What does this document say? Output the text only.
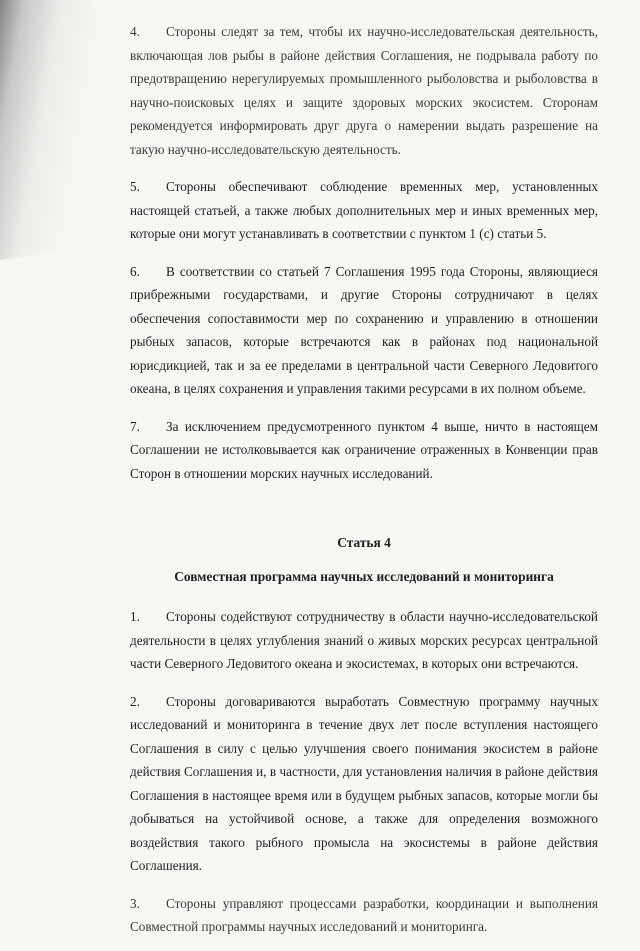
4. Стороны следят за тем, чтобы их научно-исследовательская деятельность, включающая лов рыбы в районе действия Соглашения, не подрывала работу по предотвращению нерегулируемых промышленного рыболовства и рыболовства в научно-поисковых целях и защите здоровых морских экосистем. Сторонам рекомендуется информировать друг друга о намерении выдать разрешение на такую научно-исследовательскую деятельность.

5. Стороны обеспечивают соблюдение временных мер, установленных настоящей статьей, а также любых дополнительных мер и иных временных мер, которые они могут устанавливать в соответствии с пунктом 1 (с) статьи 5.

6. В соответствии со статьей 7 Соглашения 1995 года Стороны, являющиеся прибрежными государствами, и другие Стороны сотрудничают в целях обеспечения сопоставимости мер по сохранению и управлению в отношении рыбных запасов, которые встречаются как в районах под национальной юрисдикцией, так и за ее пределами в центральной части Северного Ледовитого океана, в целях сохранения и управления такими ресурсами в их полном объеме.

7. За исключением предусмотренного пунктом 4 выше, ничто в настоящем Соглашении не истолковывается как ограничение отраженных в Конвенции прав Сторон в отношении морских научных исследований.

Статья 4

Совместная программа научных исследований и мониторинга

1. Стороны содействуют сотрудничеству в области научно-исследовательской деятельности в целях углубления знаний о живых морских ресурсах центральной части Северного Ледовитого океана и экосистемах, в которых они встречаются.

2. Стороны договариваются выработать Совместную программу научных исследований и мониторинга в течение двух лет после вступления настоящего Соглашения в силу с целью улучшения своего понимания экосистем в районе действия Соглашения и, в частности, для установления наличия в районе действия Соглашения в настоящее время или в будущем рыбных запасов, которые могли бы добываться на устойчивой основе, а также для определения возможного воздействия такого рыбного промысла на экосистемы в районе действия Соглашения.

3. Стороны управляют процессами разработки, координации и выполнения Совместной программы научных исследований и мониторинга.
